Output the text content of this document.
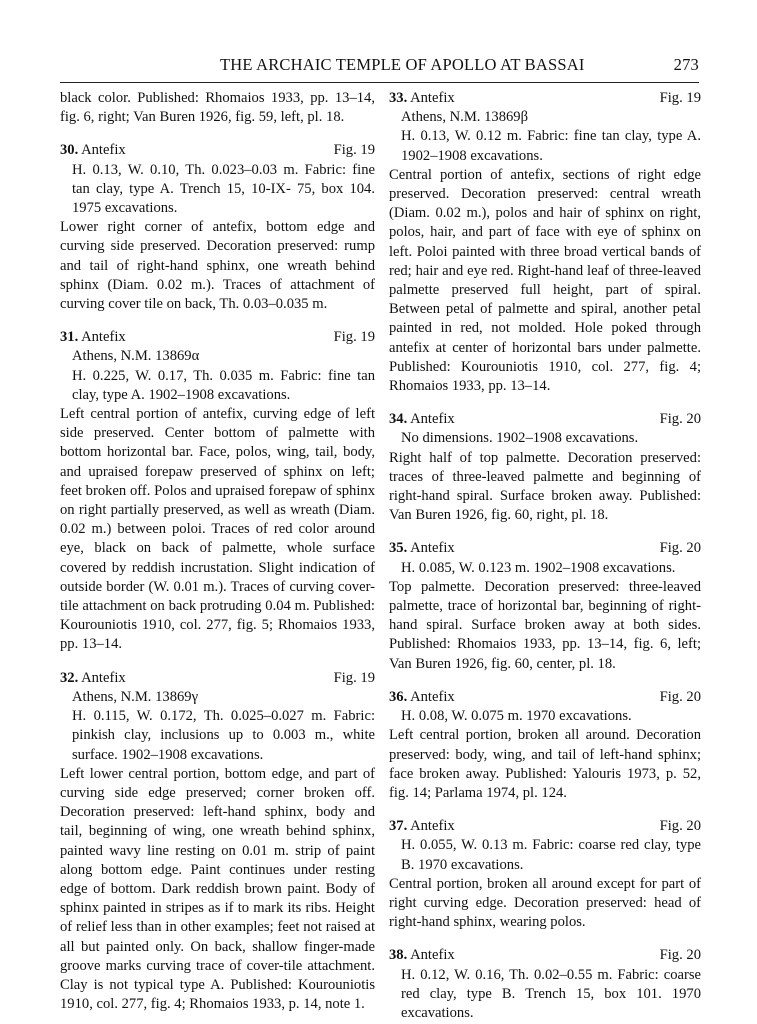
THE ARCHAIC TEMPLE OF APOLLO AT BASSAI	273

black color. Published: Rhomaios 1933, pp. 13–14, fig. 6, right; Van Buren 1926, fig. 59, left, pl. 18.

30. Antefix	Fig. 19

H. 0.13, W. 0.10, Th. 0.023–0.03 m. Fabric: fine tan clay, type A. Trench 15, 10-IX- 75, box 104. 1975 excavations.

Lower right corner of antefix, bottom edge and curving side preserved. Decoration preserved: rump and tail of right-hand sphinx, one wreath behind sphinx (Diam. 0.02 m.). Traces of attachment of curving cover tile on back, Th. 0.03–0.035 m.

31. Antefix	Fig. 19

Athens, N.M. 13869α

H. 0.225, W. 0.17, Th. 0.035 m. Fabric: fine tan clay, type A. 1902–1908 excavations.

Left central portion of antefix, curving edge of left side preserved. Center bottom of palmette with bottom horizontal bar. Face, polos, wing, tail, body, and upraised forepaw preserved of sphinx on left; feet broken off. Polos and upraised forepaw of sphinx on right partially preserved, as well as wreath (Diam. 0.02 m.) between poloi. Traces of red color around eye, black on back of palmette, whole surface covered by reddish incrustation. Slight indication of outside border (W. 0.01 m.). Traces of curving cover-tile attachment on back protruding 0.04 m. Published: Kourouniotis 1910, col. 277, fig. 5; Rhomaios 1933, pp. 13–14.

32. Antefix	Fig. 19

Athens, N.M. 13869γ

H. 0.115, W. 0.172, Th. 0.025–0.027 m. Fabric: pinkish clay, inclusions up to 0.003 m., white surface. 1902–1908 excavations.

Left lower central portion, bottom edge, and part of curving side edge preserved; corner broken off. Decoration preserved: left-hand sphinx, body and tail, beginning of wing, one wreath behind sphinx, painted wavy line resting on 0.01 m. strip of paint along bottom edge. Paint continues under resting edge of bottom. Dark reddish brown paint. Body of sphinx painted in stripes as if to mark its ribs. Height of relief less than in other examples; feet not raised at all but painted only. On back, shallow finger-made groove marks curving trace of cover-tile attachment. Clay is not typical type A. Published: Kourouniotis 1910, col. 277, fig. 4; Rhomaios 1933, p. 14, note 1.

33. Antefix	Fig. 19

Athens, N.M. 13869β

H. 0.13, W. 0.12 m. Fabric: fine tan clay, type A. 1902–1908 excavations.

Central portion of antefix, sections of right edge preserved. Decoration preserved: central wreath (Diam. 0.02 m.), polos and hair of sphinx on right, polos, hair, and part of face with eye of sphinx on left. Poloi painted with three broad vertical bands of red; hair and eye red. Right-hand leaf of three-leaved palmette preserved full height, part of spiral. Between petal of palmette and spiral, another petal painted in red, not molded. Hole poked through antefix at center of horizontal bars under palmette. Published: Kourouniotis 1910, col. 277, fig. 4; Rhomaios 1933, pp. 13–14.

34. Antefix	Fig. 20

No dimensions. 1902–1908 excavations.

Right half of top palmette. Decoration preserved: traces of three-leaved palmette and beginning of right-hand spiral. Surface broken away. Published: Van Buren 1926, fig. 60, right, pl. 18.

35. Antefix	Fig. 20

H. 0.085, W. 0.123 m. 1902–1908 excavations.

Top palmette. Decoration preserved: three-leaved palmette, trace of horizontal bar, beginning of right-hand spiral. Surface broken away at both sides. Published: Rhomaios 1933, pp. 13–14, fig. 6, left; Van Buren 1926, fig. 60, center, pl. 18.

36. Antefix	Fig. 20

H. 0.08, W. 0.075 m. 1970 excavations.

Left central portion, broken all around. Decoration preserved: body, wing, and tail of left-hand sphinx; face broken away. Published: Yalouris 1973, p. 52, fig. 14; Parlama 1974, pl. 124.

37. Antefix	Fig. 20

H. 0.055, W. 0.13 m. Fabric: coarse red clay, type B. 1970 excavations.

Central portion, broken all around except for part of right curving edge. Decoration preserved: head of right-hand sphinx, wearing polos.

38. Antefix	Fig. 20

H. 0.12, W. 0.16, Th. 0.02–0.55 m. Fabric: coarse red clay, type B. Trench 15, box 101. 1970 excavations.
